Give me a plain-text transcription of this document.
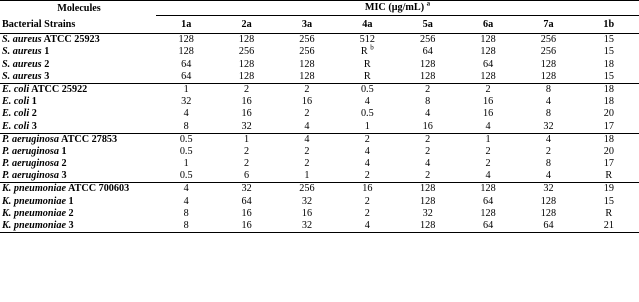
Molecules	MIC (μg/mL) $^a$
Bacterial Strains	1a	2a	3a	4a	5a	6a	7a	1b
S. aureus ATCC 25923	128	128	256	512	256	128	256	15
S. aureus 1	128	256	256	R $^b$	64	128	256	15
S. aureus 2	64	128	128	R	128	64	128	18
S. aureus 3	64	128	128	R	128	128	128	15
E. coli ATCC 25922	1	2	2	0.5	2	2	8	18
E. coli 1	32	16	16	4	8	16	4	18
E. coli 2	4	16	2	0.5	4	16	8	20
E. coli 3	8	32	4	1	16	4	32	17
P. aeruginosa ATCC 27853	0.5	1	4	2	2	1	4	18
P. aeruginosa 1	0.5	2	2	4	2	2	2	20
P. aeruginosa 2	1	2	2	4	4	2	8	17
P. aeruginosa 3	0.5	6	1	2	2	4	4	R
K. pneumoniae ATCC 700603	4	32	256	16	128	128	32	19
K. pneumoniae 1	4	64	32	2	128	64	128	15
K. pneumoniae 2	8	16	16	2	32	128	128	R
K. pneumoniae 3	8	16	32	4	128	64	64	21
